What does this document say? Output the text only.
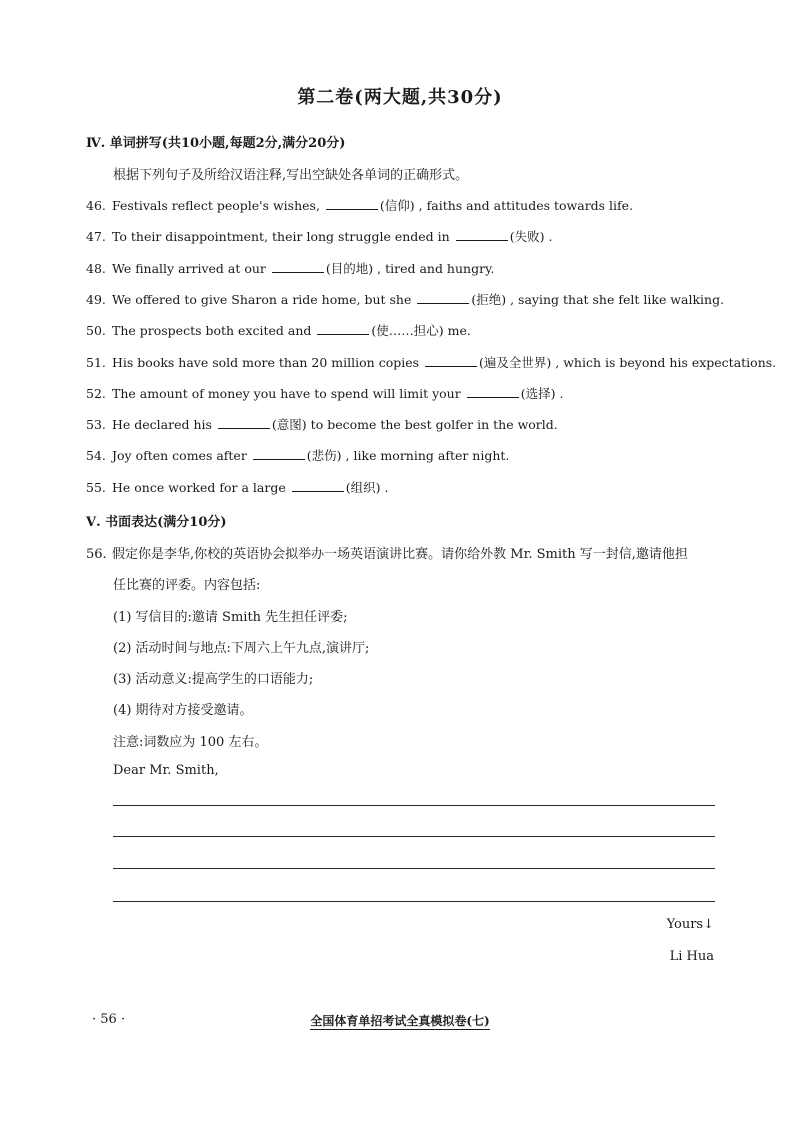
第二卷(两大题,共30分)
Ⅳ. 单词拼写(共10小题,每题2分,满分20分)
根据下列句子及所给汉语注释,写出空缺处各单词的正确形式。
46. Festivals reflect people's wishes,	(信仰) , faiths and attitudes towards life.
47. To their disappointment, their long struggle ended in	(失败) .
48. We finally arrived at our	(目的地) , tired and hungry.
49. We offered to give Sharon a ride home, but she	(拒绝) , saying that she felt like walking.
50. The prospects both excited and	(使……担心) me.
51. His books have sold more than 20 million copies	(遍及全世界) , which is beyond his expectations.
52. The amount of money you have to spend will limit your	(选择) .
53. He declared his	(意图) to become the best golfer in the world.
54. Joy often comes after	(悲伤) , like morning after night.
55. He once worked for a large	(组织) .
Ⅴ. 书面表达(满分10分)
56. 假定你是李华,你校的英语协会拟举办一场英语演讲比赛。请你给外教 Mr. Smith 写一封信,邀请他担
任比赛的评委。内容包括:
(1) 写信目的:邀请 Smith 先生担任评委;
(2) 活动时间与地点:下周六上午九点,演讲厅;
(3) 活动意义:提高学生的口语能力;
(4) 期待对方接受邀请。
注意:词数应为 100 左右。
Dear Mr. Smith,
Yours↓
Li Hua
· 56 ·	全国体育单招考试全真模拟卷(七)
